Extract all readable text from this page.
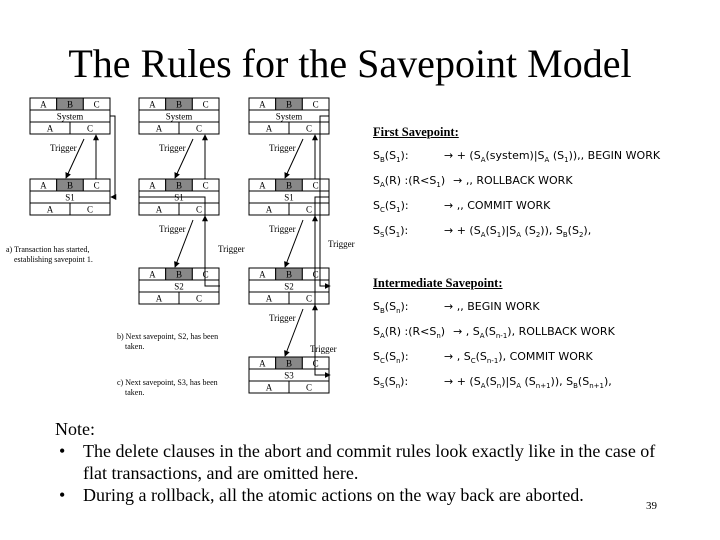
The Rules for the Savepoint Model
A B C
System
A	C
A B C
S1
A	C
Trigger
A B C
System
A	C
A B C
S1
A	C
Trigger
A B C
S2
A	C
Trigger
A B C
System
A	C
A B C
S1
A	C
Trigger
A B C
S2
A	C
Trigger
A B C
S3
A	C
Trigger
Trigger
Trigger
Trigger
a) Transaction has started,
establishing savepoint 1.
b) Next savepoint, S2, has been
taken.
c) Next savepoint, S3, has been
taken.
First Savepoint:
$S_B(S_1)$:	→ + ($S_A(system)|S_A$ $(S_1)$),, BEGIN WORK
$S_A(R)$ $:(R<S_1)$ → ,, ROLLBACK WORK
$S_C(S_1)$:	→ ,, COMMIT WORK
$S_S(S_1)$:	→ + ($S_A(S_1)|S_A$ $(S_2)$), $S_B(S_2)$,
Intermediate Savepoint:
$S_B(S_n)$:	→ ,, BEGIN WORK
$S_A(R)$ $:(R<S_n)$ → , $S_A(S_{n-1})$, ROLLBACK WORK
$S_C(S_n)$:	→ , $S_C(S_{n-1})$, COMMIT WORK
$S_S(S_n)$:	→ + ($S_A(S_n)|S_A$ $(S_{n+1})$), $S_B(S_{n+1})$,
Note:
• The delete clauses in the abort and commit rules look exactly like in the case of flat transactions, and are omitted here.
• During a rollback, all the atomic actions on the way back are aborted.
39
